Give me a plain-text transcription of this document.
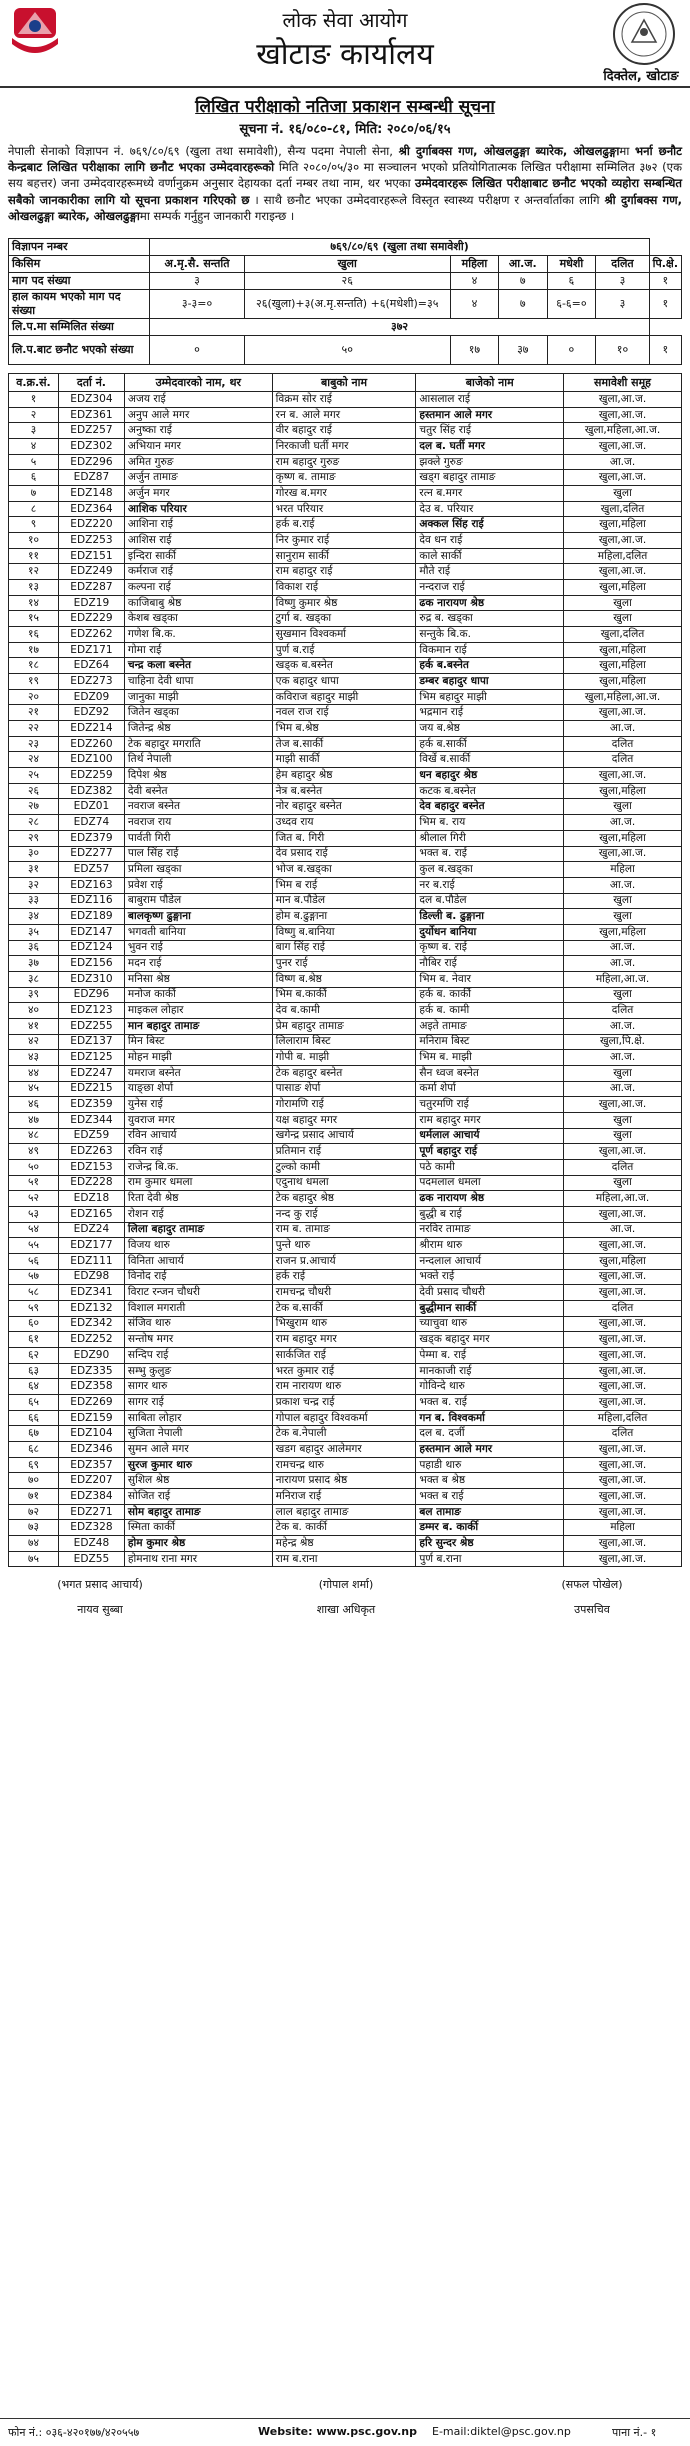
लोक सेवा आयोग
खोटाङ कार्यालय
दिक्तेल, खोटाङ
लिखित परीक्षाको नतिजा प्रकाशन सम्बन्धी सूचना
सूचना नं. १६/०८०-८१, मिति: २०८०/०६/१५
नेपाली सेनाको विज्ञापन नं. ७६९/८०/६९ (खुला तथा समावेशी), सैन्य पदमा नेपाली सेना, श्री दुर्गाबक्स गण, ओखलढुङ्गा ब्यारेक, ओखलढुङ्गामा भर्ना छनौट केन्द्रबाट लिखित परीक्षाका लागि छनौट भएका उम्मेदवारहरूको मिति २०८०/०५/३० मा सञ्चालन भएको प्रतियोगितात्मक लिखित परीक्षामा सम्मिलित ३७२ (एक सय बहत्तर) जना उम्मेदवारहरूमध्ये वर्णानुक्रम अनुसार देहायका दर्ता नम्बर तथा नाम, थर भएका उम्मेदवारहरू लिखित परीक्षाबाट छनौट भएको व्यहोरा सम्बन्धित सबैको जानकारीका लागि यो सूचना प्रकाशन गरिएको छ । साथै छनौट भएका उम्मेदवारहरूले विस्तृत स्वास्थ्य परीक्षण र अन्तर्वार्ताका लागि श्री दुर्गाबक्स गण, ओखलढुङ्गा ब्यारेक, ओखलढुङ्गामा सम्पर्क गर्नुहुन जानकारी गराइन्छ ।
विज्ञापन नम्बर	७६९/८०/६९ (खुला तथा समावेशी)						
किसिम	अ.मृ.सै. सन्तति	खुला	महिला	आ.ज.	मधेशी	दलित	पि.क्षे.
माग पद संख्या	३	२६	४	७	६	३	१
हाल कायम भएको माग पद संख्या	३-३=०	२६(खुला)+३(अ.मृ.सन्तति) +६(मधेशी)=३५	४	७	६-६=०	३	१
लि.प.मा सम्मिलित संख्या	३७२						
लि.प.बाट छनौट भएको संख्या	०	५०	१७	३७	०	१०	१
व.क्र.सं.	दर्ता नं.	उम्मेदवारको नाम, थर	बाबुको नाम	बाजेको नाम	समावेशी समूह
१	EDZ304	अजय राई	विक्रम सोर राई	आसलाल राई	खुला,आ.ज.
२	EDZ361	अनुप आले मगर	रन ब. आले मगर	हस्तमान आले मगर	खुला,आ.ज.
३	EDZ257	अनुष्का राई	वीर बहादुर राई	चतुर सिंह राई	खुला,महिला,आ.ज.
४	EDZ302	अभियान मगर	निरकाजी घर्ती मगर	दल ब. घर्ती मगर	खुला,आ.ज.
५	EDZ296	अमित गुरुङ	राम बहादुर गुरुङ	झक्ले गुरुङ	आ.ज.
६	EDZ87	अर्जुन तामाङ	कृष्ण ब. तामाङ	खड्ग बहादुर तामाङ	खुला,आ.ज.
७	EDZ148	अर्जुन मगर	गोरख ब.मगर	रत्न ब.मगर	खुला
८	EDZ364	आशिक परियार	भरत परियार	देउ ब. परियार	खुला,दलित
९	EDZ220	आशिना राई	हर्क ब.राई	अक्कल सिंह राई	खुला,महिला
१०	EDZ253	आशिस राई	निर कुमार राई	देव धन राई	खुला,आ.ज.
११	EDZ151	इन्दिरा सार्की	सानुराम सार्की	काले सार्की	महिला,दलित
१२	EDZ249	कर्मराज राई	राम बहादुर राई	मौते राई	खुला,आ.ज.
१३	EDZ287	कल्पना राई	विकाश राई	नन्दराज राई	खुला,महिला
१४	EDZ19	काजिबाबु श्रेष्ठ	विष्णु कुमार श्रेष्ठ	ढक नारायण श्रेष्ठ	खुला
१५	EDZ229	केशब खड्का	टुर्गा ब. खड्का	रुद्र ब. खड्का	खुला
१६	EDZ262	गणेश बि.क.	सुखमान विश्वकर्मा	सन्तुके बि.क.	खुला,दलित
१७	EDZ171	गोमा राई	पुर्ण ब.राई	विकमान राई	खुला,महिला
१८	EDZ64	चन्द्र कला बस्नेत	खड्क ब.बस्नेत	हर्क ब.बस्नेत	खुला,महिला
१९	EDZ273	चाहिना देवी धापा	एक बहादुर धापा	डम्बर बहादुर धापा	खुला,महिला
२०	EDZ09	जानुका माझी	कविराज बहादुर माझी	भिम बहादुर माझी	खुला,महिला,आ.ज.
२१	EDZ92	जितेन खड्का	नवल राज राई	भद्रमान राई	खुला,आ.ज.
२२	EDZ214	जितेन्द्र श्रेष्ठ	भिम ब.श्रेष्ठ	जय ब.श्रेष्ठ	आ.ज.
२३	EDZ260	टेक बहादुर मगराति	तेज ब.सार्की	हर्क ब.सार्की	दलित
२४	EDZ100	तिर्थ नेपाली	माझी सार्की	विर्खे ब.सार्की	दलित
२५	EDZ259	दिपेश श्रेष्ठ	हेम बहादुर श्रेष्ठ	धन बहादुर श्रेष्ठ	खुला,आ.ज.
२६	EDZ382	देवी बस्नेत	नेत्र ब.बस्नेत	कटक ब.बस्नेत	खुला,महिला
२७	EDZ01	नवराज बस्नेत	नोर बहादुर बस्नेत	देव बहादुर बस्नेत	खुला
२८	EDZ74	नवराज राय	उध्दव राय	भिम ब. राय	आ.ज.
२९	EDZ379	पार्वती गिरी	जित ब. गिरी	श्रीलाल गिरी	खुला,महिला
३०	EDZ277	पाल सिंह राई	देव प्रसाद राई	भक्त ब. राई	खुला,आ.ज.
३१	EDZ57	प्रमिला खड्का	भोज ब.खड्का	कुल ब.खड्का	महिला
३२	EDZ163	प्रवेश राई	भिम ब राई	नर ब.राई	आ.ज.
३३	EDZ116	बाबुराम पौडेल	मान ब.पौडेल	दल ब.पौडेल	खुला
३४	EDZ189	बालकृष्ण ढुङ्गाना	होम ब.ढुङ्गाना	डिल्ली ब. ढुङ्गाना	खुला
३५	EDZ147	भगवती बानिया	विष्णु ब.बानिया	दुर्योधन बानिया	खुला,महिला
३६	EDZ124	भुवन राई	बाग सिंह राई	कृष्ण ब. राई	आ.ज.
३७	EDZ156	मदन राई	पुनर राई	नौबिर राई	आ.ज.
३८	EDZ310	मनिसा श्रेष्ठ	विष्ण ब.श्रेष्ठ	भिम ब. नेवार	महिला,आ.ज.
३९	EDZ96	मनोज कार्की	भिम ब.कार्की	हर्क ब. कार्की	खुला
४०	EDZ123	माइकल लोहार	देव ब.कामी	हर्क ब. कामी	दलित
४१	EDZ255	मान बहादुर तामाङ	प्रेम बहादुर तामाङ	अइते तामाङ	आ.ज.
४२	EDZ137	मिन बिस्ट	लिलाराम बिस्ट	मनिराम बिस्ट	खुला,पि.क्षे.
४३	EDZ125	मोहन माझी	गोपी ब. माझी	भिम ब. माझी	आ.ज.
४४	EDZ247	यमराज बस्नेत	टेक बहादुर बस्नेत	सैन ध्वज बस्नेत	खुला
४५	EDZ215	याङ्छा शेर्पा	पासाङ शेर्पा	कर्मा शेर्पा	आ.ज.
४६	EDZ359	युनेस राई	गोरामणि राई	चतुरमणि राई	खुला,आ.ज.
४७	EDZ344	युवराज मगर	यक्ष बहादुर मगर	राम बहादुर मगर	खुला
४८	EDZ59	रविन आचार्य	खगेन्द्र प्रसाद आचार्य	धर्मलाल आचार्य	खुला
४९	EDZ263	रविन राई	प्रतिमान राई	पूर्ण बहादुर राई	खुला,आ.ज.
५०	EDZ153	राजेन्द्र बि.क.	टुल्को कामी	पठे कामी	दलित
५१	EDZ228	राम कुमार धमला	एदुनाथ धमला	पदमलाल धमला	खुला
५२	EDZ18	रिता देवी श्रेष्ठ	टेक बहादुर श्रेष्ठ	ढक नारायण श्रेष्ठ	महिला,आ.ज.
५३	EDZ165	रोशन राई	नन्द कु राई	बुद्धी ब राई	खुला,आ.ज.
५४	EDZ24	लिला बहादुर तामाङ	राम ब. तामाङ	नरविर तामाङ	आ.ज.
५५	EDZ177	विजय थारु	पुन्ते थारु	श्रीराम थारु	खुला,आ.ज.
५६	EDZ111	विनिता आचार्य	राजन प्र.आचार्य	नन्दलाल आचार्य	खुला,महिला
५७	EDZ98	विनोद राई	हर्क राई	भक्ते राई	खुला,आ.ज.
५८	EDZ341	विराट रन्जन चौधरी	रामचन्द्र चौधरी	देवी प्रसाद चौधरी	खुला,आ.ज.
५९	EDZ132	विशाल मगराती	टेक ब.सार्की	बुद्धीमान सार्की	दलित
६०	EDZ342	संजिव थारु	भिखुराम थारु	च्याचुवा थारु	खुला,आ.ज.
६१	EDZ252	सन्तोष मगर	राम बहादुर मगर	खड्क बहादुर मगर	खुला,आ.ज.
६२	EDZ90	सन्दिप राई	सार्कजित राई	पेम्मा ब. राई	खुला,आ.ज.
६३	EDZ335	सम्भु कुलुङ	भरत कुमार राई	मानकाजी राई	खुला,आ.ज.
६४	EDZ358	सागर थारु	राम नारायण थारु	गोविन्दे थारु	खुला,आ.ज.
६५	EDZ269	सागर राई	प्रकाश चन्द्र राई	भक्त ब. राई	खुला,आ.ज.
६६	EDZ159	साबिता लोहार	गोपाल बहादुर विश्वकर्मा	गन ब. विश्वकर्मा	महिला,दलित
६७	EDZ104	सुजिता नेपाली	टेक ब.नेपाली	दल ब. दर्जी	दलित
६८	EDZ346	सुमन आले मगर	खडग बहादुर आलेमगर	हस्तमान आले मगर	खुला,आ.ज.
६९	EDZ357	सुरज कुमार थारु	रामचन्द्र थारु	पहाडी थारु	खुला,आ.ज.
७०	EDZ207	सुशिल श्रेष्ठ	नारायण प्रसाद श्रेष्ठ	भक्त ब श्रेष्ठ	खुला,आ.ज.
७१	EDZ384	सोजित राई	मनिराज राई	भक्त ब राई	खुला,आ.ज.
७२	EDZ271	सोम बहादुर तामाङ	लाल बहादुर तामाङ	बल तामाङ	खुला,आ.ज.
७३	EDZ328	स्मिता कार्की	टेक ब. कार्की	डम्मर ब. कार्की	महिला
७४	EDZ48	होम कुमार श्रेष्ठ	महेन्द्र श्रेष्ठ	हरि सुन्दर श्रेष्ठ	खुला,आ.ज.
७५	EDZ55	होमनाथ राना मगर	राम ब.राना	पुर्ण ब.राना	खुला,आ.ज.
(भगत प्रसाद आचार्य)
नायव सुब्बा
(गोपाल शर्मा)
शाखा अधिकृत
(सफल पोखेल)
उपसचिव
फोन नं.: ०३६-४२०१७७/४२०५५७	Website: www.psc.gov.np E-mail:diktel@psc.gov.np	पाना नं.- १
